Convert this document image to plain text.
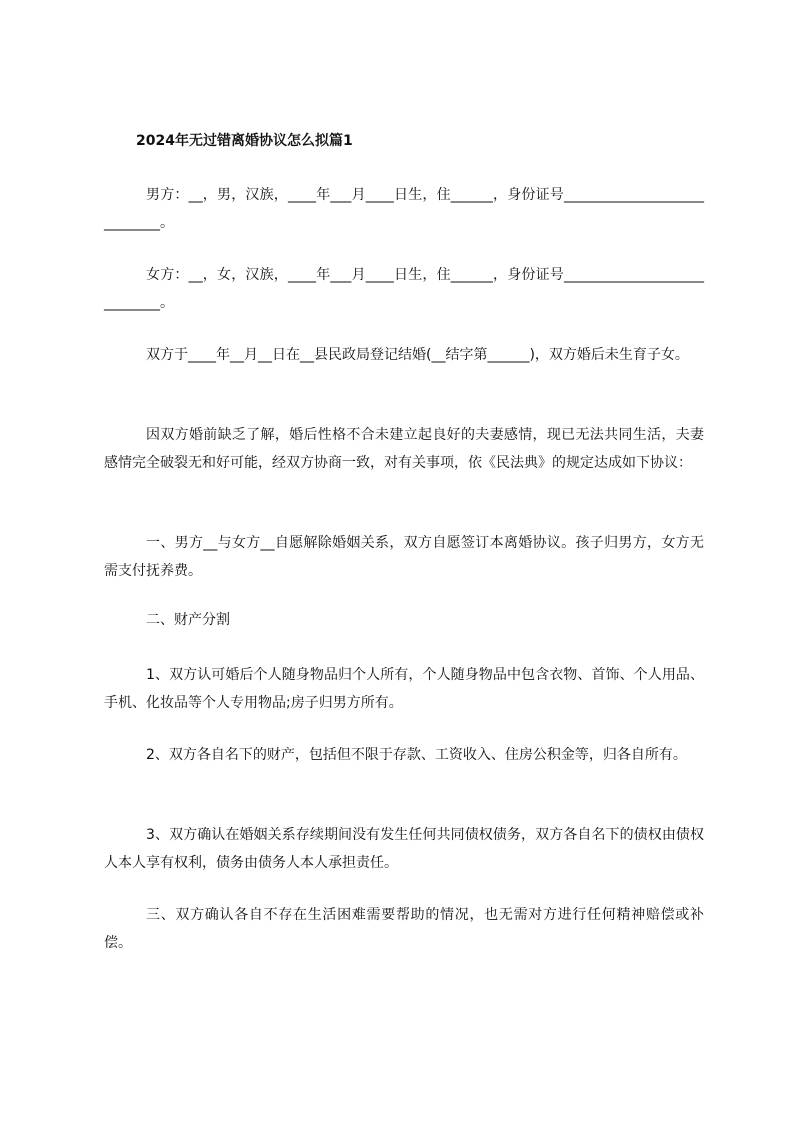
2024年无过错离婚协议怎么拟篇1

男方：__，男，汉族，____年___月____日生，住______，身份证号____________________________。

女方：__，女，汉族，____年___月____日生，住______，身份证号____________________________。

双方于____年__月__日在__县民政局登记结婚(__结字第______)，双方婚后未生育子女。

因双方婚前缺乏了解，婚后性格不合未建立起良好的夫妻感情，现已无法共同生活，夫妻感情完全破裂无和好可能，经双方协商一致，对有关事项，依《民法典》的规定达成如下协议：

一、男方__与女方__自愿解除婚姻关系，双方自愿签订本离婚协议。孩子归男方，女方无需支付抚养费。

二、财产分割

1、双方认可婚后个人随身物品归个人所有，个人随身物品中包含衣物、首饰、个人用品、手机、化妆品等个人专用物品;房子归男方所有。

2、双方各自名下的财产，包括但不限于存款、工资收入、住房公积金等，归各自所有。

3、双方确认在婚姻关系存续期间没有发生任何共同债权债务，双方各自名下的债权由债权人本人享有权利，债务由债务人本人承担责任。

三、双方确认各自不存在生活困难需要帮助的情况，也无需对方进行任何精神赔偿或补偿。
